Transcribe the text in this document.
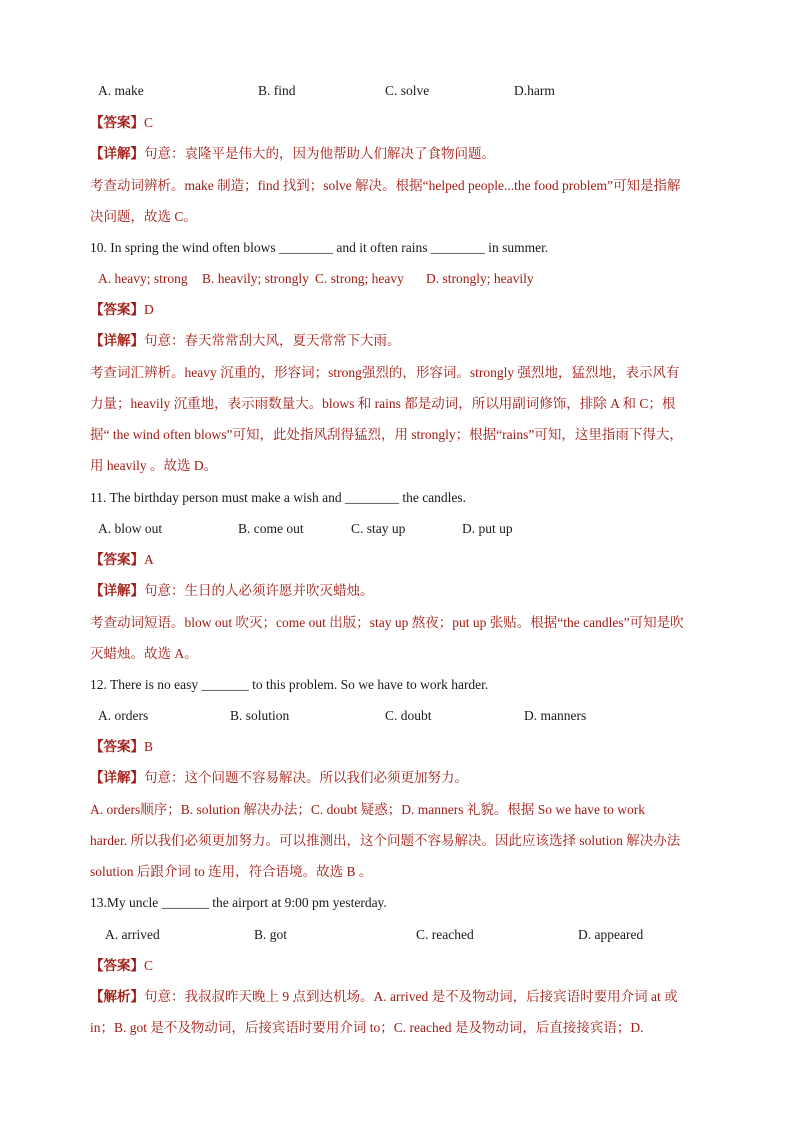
A. make	B. find	C. solve	D.harm
【答案】C
【详解】句意：袁隆平是伟大的，因为他帮助人们解决了食物问题。
考查动词辨析。make 制造；find 找到；solve 解决。根据“helped people...the food problem”可知是指解
决问题，故选 C。
10. In spring the wind often blows ________ and it often rains ________ in summer.
A. heavy; strong B. heavily; strongly C. strong; heavy D. strongly; heavily
【答案】D
【详解】句意：春天常常刮大风，夏天常常下大雨。
考查词汇辨析。heavy 沉重的，形容词；strong强烈的，形容词。strongly 强烈地，猛烈地，表示风有
力量；heavily 沉重地，表示雨数量大。blows 和 rains 都是动词，所以用副词修饰，排除 A 和 C；根
据“ the wind often blows”可知，此处指风刮得猛烈，用 strongly；根据“rains”可知，这里指雨下得大，
用 heavily 。故选 D。
11. The birthday person must make a wish and ________ the candles.
A. blow out	B. come out	C. stay up	D. put up
【答案】A
【详解】句意：生日的人必须许愿并吹灭蜡烛。
考查动词短语。blow out 吹灭；come out 出版；stay up 熬夜；put up 张贴。根据“the candles”可知是吹
灭蜡烛。故选 A。
12. There is no easy _______ to this problem. So we have to work harder.
A. orders	B. solution	C. doubt	D. manners
【答案】B
【详解】句意：这个问题不容易解决。所以我们必须更加努力。
A. orders顺序；B. solution 解决办法；C. doubt 疑惑；D. manners 礼貌。根据 So we have to work
harder. 所以我们必须更加努力。可以推测出，这个问题不容易解决。因此应该选择 solution 解决办法
solution 后跟介词 to 连用，符合语境。故选 B 。
13.My uncle _______ the airport at 9:00 pm yesterday.
A. arrived	B. got	C. reached	D. appeared
【答案】C
【解析】句意：我叔叔昨天晚上 9 点到达机场。A. arrived 是不及物动词，后接宾语时要用介词 at 或
in；B. got 是不及物动词，后接宾语时要用介词 to；C. reached 是及物动词，后直接接宾语；D.
